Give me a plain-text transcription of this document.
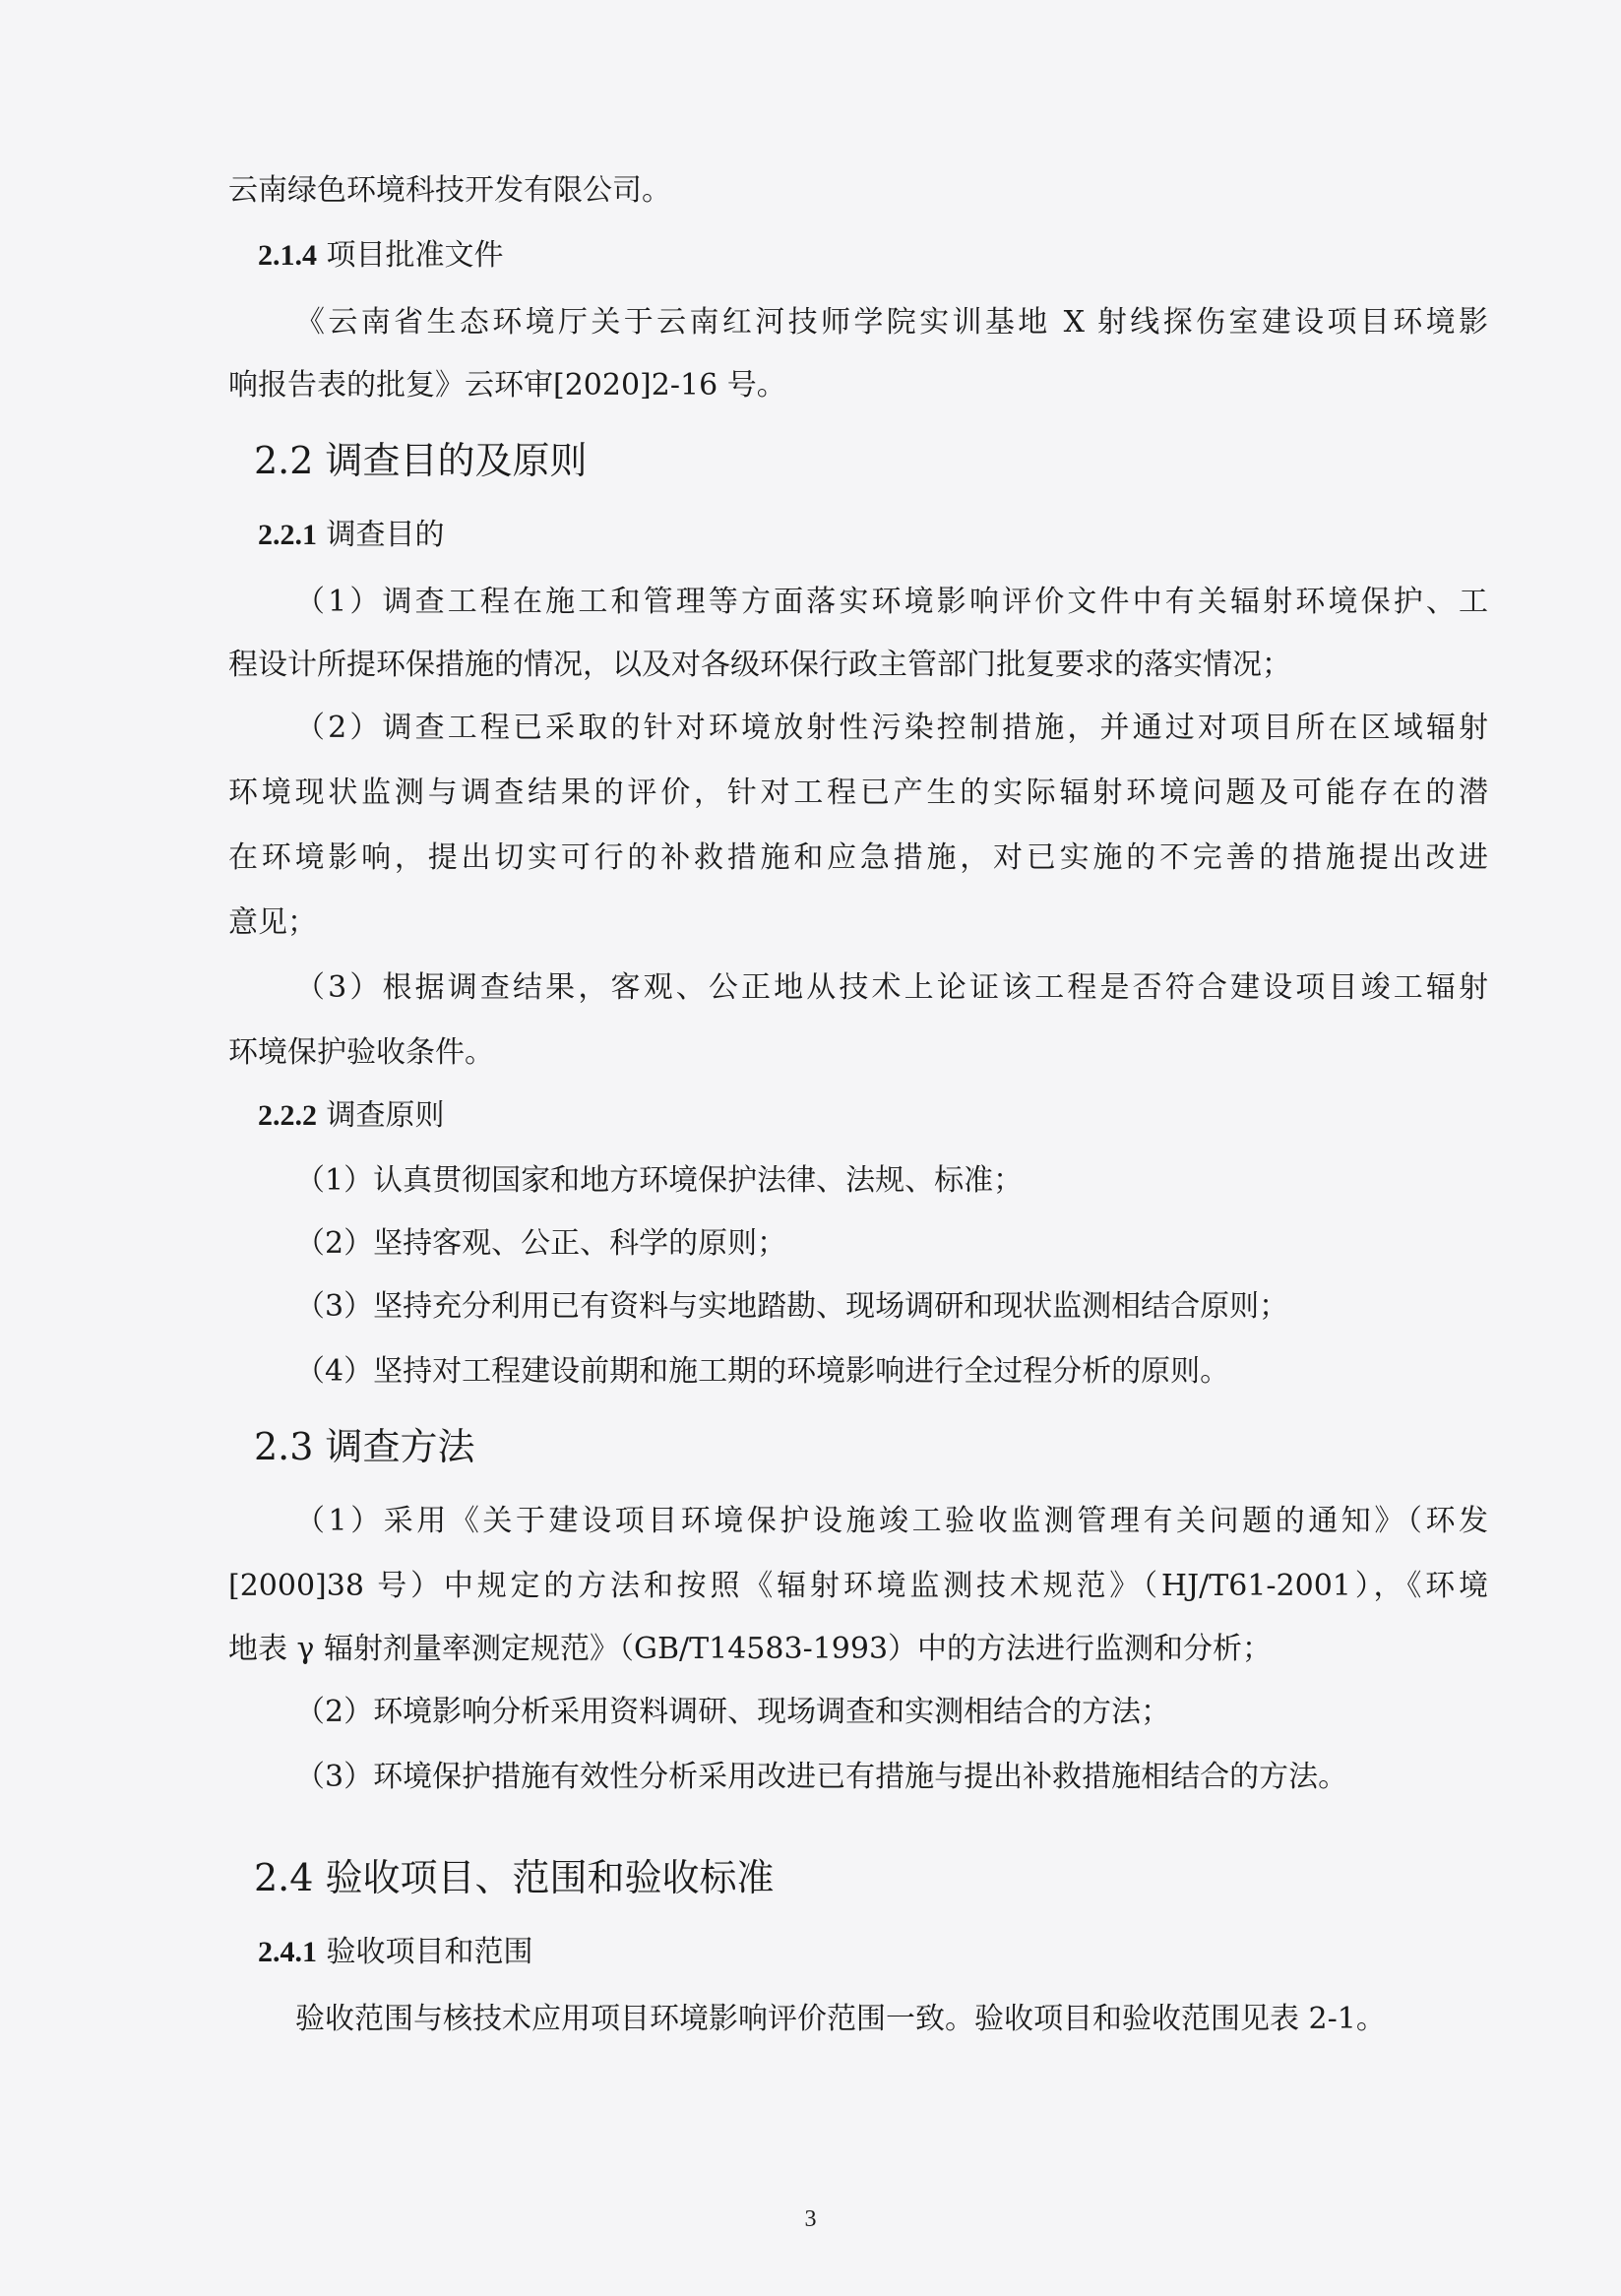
云南绿色环境科技开发有限公司。
2.1.4 项目批准文件
《云南省生态环境厅关于云南红河技师学院实训基地 X 射线探伤室建设项目环境影
响报告表的批复》云环审[2020]2-16 号。
2.2 调查目的及原则
2.2.1 调查目的
（1）调查工程在施工和管理等方面落实环境影响评价文件中有关辐射环境保护、工
程设计所提环保措施的情况，以及对各级环保行政主管部门批复要求的落实情况；
（2）调查工程已采取的针对环境放射性污染控制措施，并通过对项目所在区域辐射
环境现状监测与调查结果的评价，针对工程已产生的实际辐射环境问题及可能存在的潜
在环境影响，提出切实可行的补救措施和应急措施，对已实施的不完善的措施提出改进
意见；
（3）根据调查结果，客观、公正地从技术上论证该工程是否符合建设项目竣工辐射
环境保护验收条件。
2.2.2 调查原则
（1）认真贯彻国家和地方环境保护法律、法规、标准；
（2）坚持客观、公正、科学的原则；
（3）坚持充分利用已有资料与实地踏勘、现场调研和现状监测相结合原则；
（4）坚持对工程建设前期和施工期的环境影响进行全过程分析的原则。
2.3 调查方法
（1）采用《关于建设项目环境保护设施竣工验收监测管理有关问题的通知》（环发
[2000]38 号）中规定的方法和按照《辐射环境监测技术规范》（HJ/T61-2001），《环境
地表 γ 辐射剂量率测定规范》（GB/T14583-1993）中的方法进行监测和分析；
（2）环境影响分析采用资料调研、现场调查和实测相结合的方法；
（3）环境保护措施有效性分析采用改进已有措施与提出补救措施相结合的方法。
2.4 验收项目、范围和验收标准
2.4.1 验收项目和范围
验收范围与核技术应用项目环境影响评价范围一致。验收项目和验收范围见表 2-1。
3
